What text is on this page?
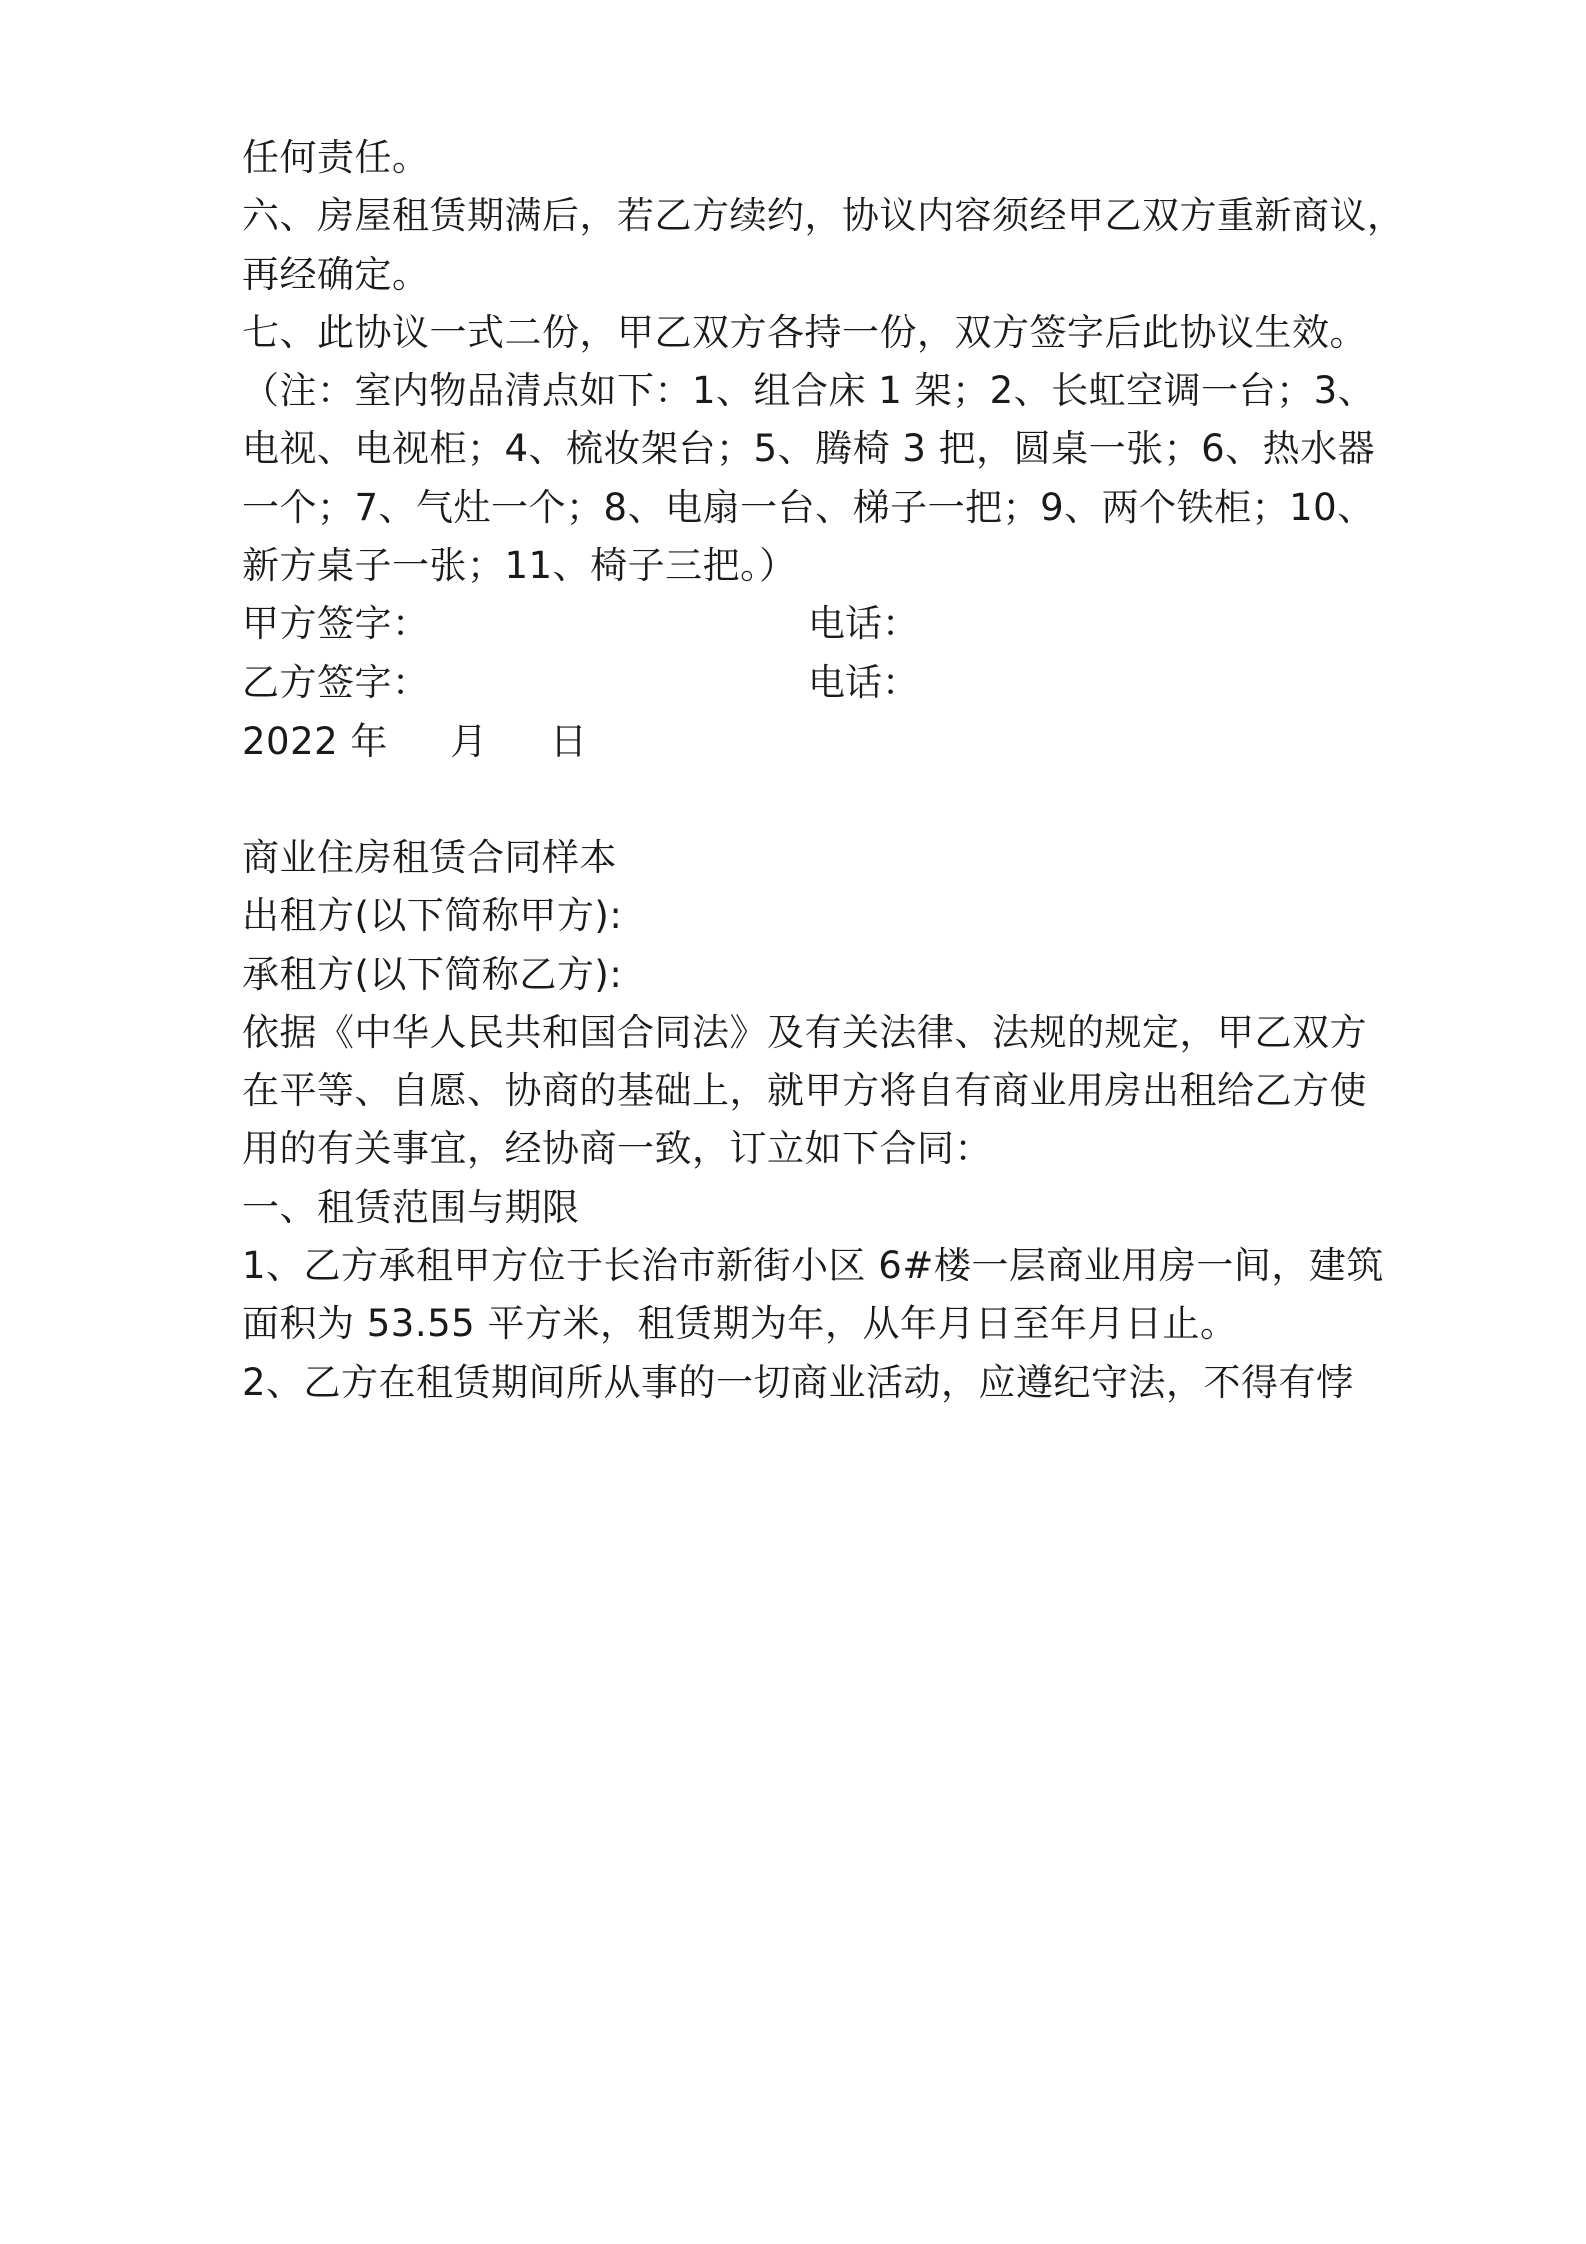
任何责任。
六、房屋租赁期满后，若乙方续约，协议内容须经甲乙双方重新商议，
再经确定。
七、此协议一式二份，甲乙双方各持一份，双方签字后此协议生效。
（注：室内物品清点如下：1、组合床 1 架；2、长虹空调一台；3、
电视、电视柜；4、梳妆架台；5、腾椅 3 把，圆桌一张；6、热水器
一个；7、气灶一个；8、电扇一台、梯子一把；9、两个铁柜；10、
新方桌子一张；11、椅子三把。）
甲方签字：	电话：
乙方签字：	电话：
2022 年 月 日
商业住房租赁合同样本
出租方(以下简称甲方):
承租方(以下简称乙方):
依据《中华人民共和国合同法》及有关法律、法规的规定，甲乙双方
在平等、自愿、协商的基础上，就甲方将自有商业用房出租给乙方使
用的有关事宜，经协商一致，订立如下合同：
一、租赁范围与期限
1、乙方承租甲方位于长治市新街小区 6#楼一层商业用房一间，建筑
面积为 53.55 平方米，租赁期为年，从年月日至年月日止。
2、乙方在租赁期间所从事的一切商业活动，应遵纪守法，不得有悖
